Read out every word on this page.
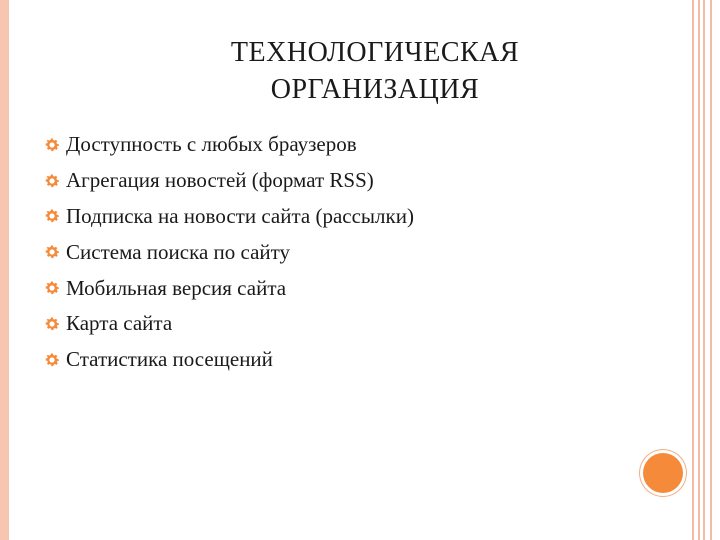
ТЕХНОЛОГИЧЕСКАЯ
ОРГАНИЗАЦИЯ
Доступность с любых браузеров
Агрегация новостей (формат RSS)
Подписка на новости сайта (рассылки)
Система поиска по сайту
Мобильная версия сайта
Карта сайта
Статистика посещений
